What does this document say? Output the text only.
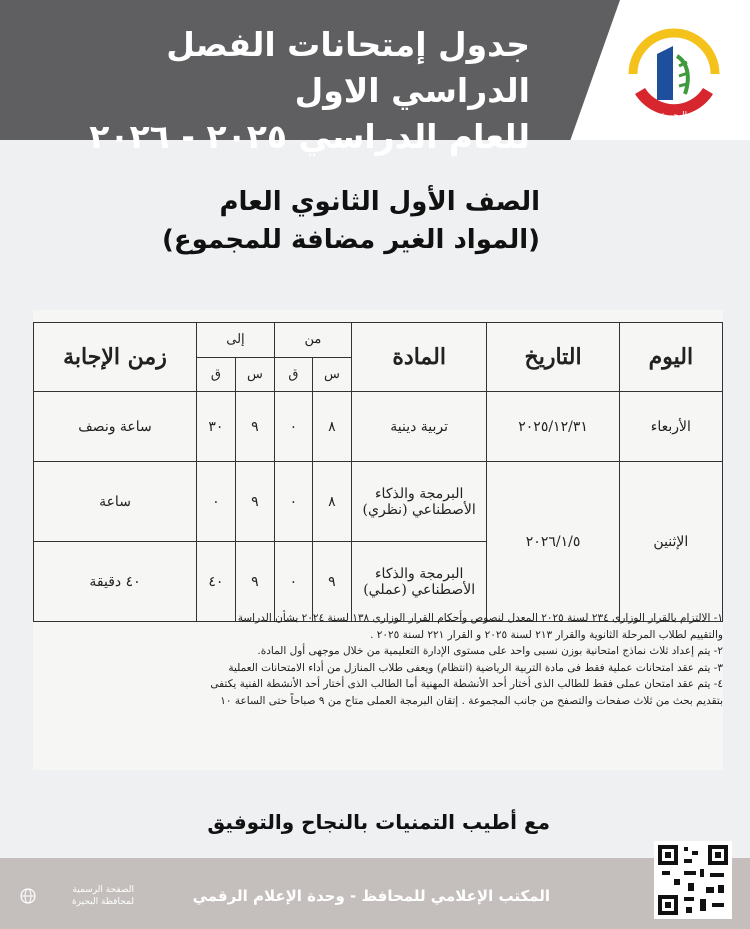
جدول إمتحانات الفصل الدراسي الاول
للعام الدراسي ٢٠٢٥ - ٢٠٢٦
البحيرة
الصف الأول الثانوي العام
(المواد الغير مضافة للمجموع)
اليوم	التاريخ	المادة	من		إلى		زمن الإجابة
			س	ق	س	ق	
الأربعاء	٢٠٢٥/١٢/٣١	تربية دينية	٨	٠	٩	٣٠	ساعة ونصف
الإثنين	٢٠٢٦/١/٥	البرمجة والذكاء الأصطناعي (نظري)	٨	٠	٩	٠	ساعة
		البرمجة والذكاء الأصطناعي (عملي)	٩	٠	٩	٤٠	٤٠ دقيقة

١- الالتزام بالقرار الوزارى ٢٣٤ لسنة ٢٠٢٥ المعدل لنصوص وأحكام القرار الوزارى ١٣٨ لسنة ٢٠٢٤ بشأن الدراسة

والتقييم لطلاب المرحلة الثانوية والقرار ٢١٣ لسنة ٢٠٢٥ و القرار ٢٢١ لسنة ٢٠٢٥ .

٢- يتم إعداد ثلاث نماذج امتحانية بوزن نسبى واحد على مستوى الإدارة التعليمية من خلال موجهى أول المادة.

٣- يتم عقد امتحانات عملية فقط فى مادة التربية الرياضية (انتظام) ويعفى طلاب المنازل من أداء الامتحانات العملية

٤- يتم عقد امتحان عملى فقط للطالب الذى أختار أحد الأنشطة المهنية أما الطالب الذى أختار أحد الأنشطة الفنية يكتفى

بتقديم بحث من ثلاث صفحات والتصفح من جانب المجموعة . إتقان البرمجة العملى متاح من ٩ صباحاً حتى الساعة ١٠

مع أطيب التمنيات بالنجاح والتوفيق
الصفحة الرسمية
لمحافظة البحيرة	المكتب الإعلامي للمحافظ - وحدة الإعلام الرقمي
